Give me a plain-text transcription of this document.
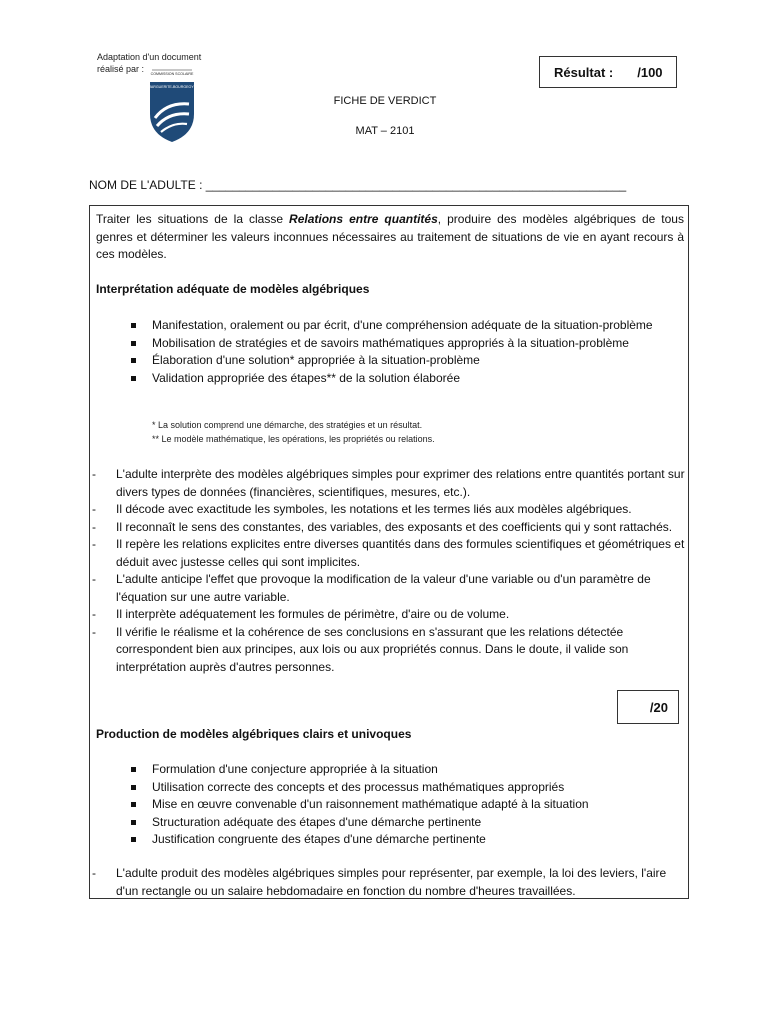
Adaptation d'un document
réalisé par :	COMMISSION SCOLAIRE
MARGUERITE-BOURGEOYS
Résultat : /100
FICHE DE VERDICT
MAT – 2101
NOM DE L'ADULTE : _______________________________________________________________
Traiter les situations de la classe Relations entre quantités, produire des modèles algébriques de tous genres et déterminer les valeurs inconnues nécessaires au traitement de situations de vie en ayant recours à ces modèles.
Interprétation adéquate de modèles algébriques
Manifestation, oralement ou par écrit, d'une compréhension adéquate de la situation-problème
Mobilisation de stratégies et de savoirs mathématiques appropriés à la situation-problème
Élaboration d'une solution* appropriée à la situation-problème
Validation appropriée des étapes** de la solution élaborée
* La solution comprend une démarche, des stratégies et un résultat.
** Le modèle mathématique, les opérations, les propriétés ou relations.
- L'adulte interprète des modèles algébriques simples pour exprimer des relations entre quantités portant sur divers types de données (financières, scientifiques, mesures, etc.).
- Il décode avec exactitude les symboles, les notations et les termes liés aux modèles algébriques.
- Il reconnaît le sens des constantes, des variables, des exposants et des coefficients qui y sont rattachés.
- Il repère les relations explicites entre diverses quantités dans des formules scientifiques et géométriques et déduit avec justesse celles qui sont implicites.
- L'adulte anticipe l'effet que provoque la modification de la valeur d'une variable ou d'un paramètre de l'équation sur une autre variable.
- Il interprète adéquatement les formules de périmètre, d'aire ou de volume.
- Il vérifie le réalisme et la cohérence de ses conclusions en s'assurant que les relations détectée correspondent bien aux principes, aux lois ou aux propriétés connus. Dans le doute, il valide son interprétation auprès d'autres personnes.
/20
Production de modèles algébriques clairs et univoques
Formulation d'une conjecture appropriée à la situation
Utilisation correcte des concepts et des processus mathématiques appropriés
Mise en œuvre convenable d'un raisonnement mathématique adapté à la situation
Structuration adéquate des étapes d'une démarche pertinente
Justification congruente des étapes d'une démarche pertinente
- L'adulte produit des modèles algébriques simples pour représenter, par exemple, la loi des leviers, l'aire d'un rectangle ou un salaire hebdomadaire en fonction du nombre d'heures travaillées.
